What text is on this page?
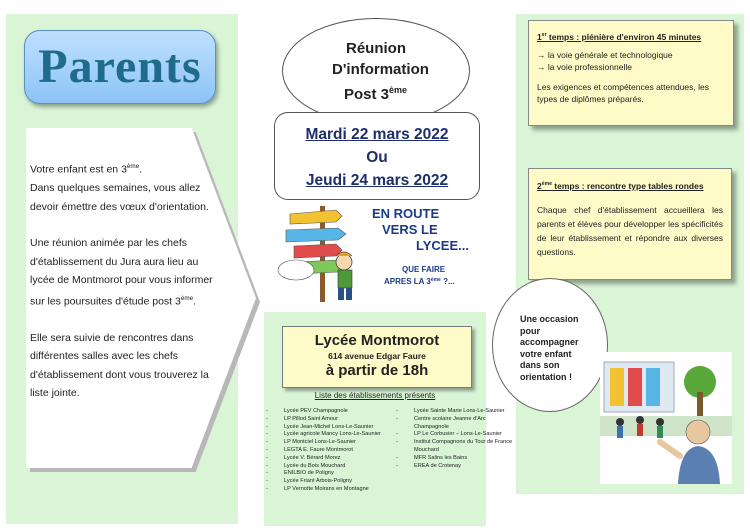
Parents

Votre enfant est en 3ème.
Dans quelques semaines, vous allez devoir émettre des vœux d'orientation.

Une réunion animée par les chefs d'établissement du Jura aura lieu au lycée de Montmorot pour vous informer sur les poursuites d'étude post 3ème.

Elle sera suivie de rencontres dans différentes salles avec les chefs d'établissement dont vous trouverez la liste jointe.

Réunion
D'information
Post 3ème
Mardi 22 mars 2022
Ou
Jeudi 24 mars 2022
EN ROUTE
VERS LE
LYCEE...
QUE FAIRE
APRES LA 3ème ?...
Lycée Montmorot
614 avenue Edgar Faure
à partir de 18h
Liste des établissements présents
- Lycée PEV Champagnole
- LP Pillod Saint Amour
- Lycée Jean-Michel Lons-Le-Saunier
- Lycée agricole Mancy Lons-Le-Saunier
- LP Montciel Lons-Le-Saunier
- LEGTA E. Faure Montmorot
- Lycée V. Bérard Morez
- Lycée du Bois Mouchard
- ENILBIO de Poligny
- Lycée Friant Arbois-Poligny
- LP Vernotte Moirans en Montagne
- Lycée Sainte Marie Lons-Le-Saunier
- Centre scolaire Jeanne d'Arc Champagnole
- LP Le Corbusier – Lons-Le-Saunier
- Institut Compagnons du Tour de France Mouchard
- MFR Salins les Bains
- EREA de Crotenay
1er temps : plénière d'environ 45 minutes

→ la voie générale et technologique

→ la voie professionnelle

Les exigences et compétences attendues, les types de diplômes préparés.

2ème temps : rencontre type tables rondes
Chaque chef d'établissement accueillera les parents et élèves pour développer les spécificités de leur établissement et répondre aux diverses questions.
Une occasion pour accompagner votre enfant dans son orientation !
